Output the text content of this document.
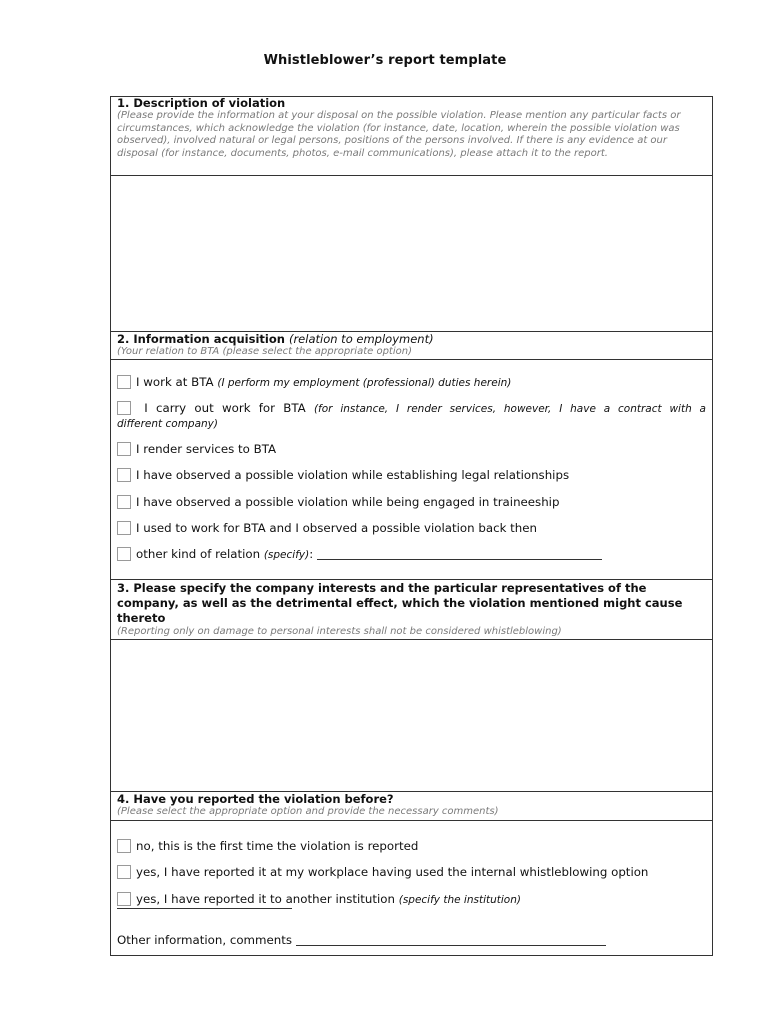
Whistleblower’s report template
1. Description of violation
(Please provide the information at your disposal on the possible violation. Please mention any particular facts or circumstances, which acknowledge the violation (for instance, date, location, wherein the possible violation was observed), involved natural or legal persons, positions of the persons involved. If there is any evidence at our disposal (for instance, documents, photos, e-mail communications), please attach it to the report.
2. Information acquisition (relation to employment)
(Your relation to BTA (please select the appropriate option)
I work at BTA (I perform my employment (professional) duties herein)
I carry out work for BTA (for instance, I render services, however, I have a contract with a
different company)
I render services to BTA
I have observed a possible violation while establishing legal relationships
I have observed a possible violation while being engaged in traineeship
I used to work for BTA and I observed a possible violation back then
other kind of relation (specify):
3. Please specify the company interests and the particular representatives of the company, as well as the detrimental effect, which the violation mentioned might cause thereto
(Reporting only on damage to personal interests shall not be considered whistleblowing)
4. Have you reported the violation before?
(Please select the appropriate option and provide the necessary comments)
no, this is the first time the violation is reported
yes, I have reported it at my workplace having used the internal whistleblowing option
yes, I have reported it to another institution (specify the institution)
Other information, comments
